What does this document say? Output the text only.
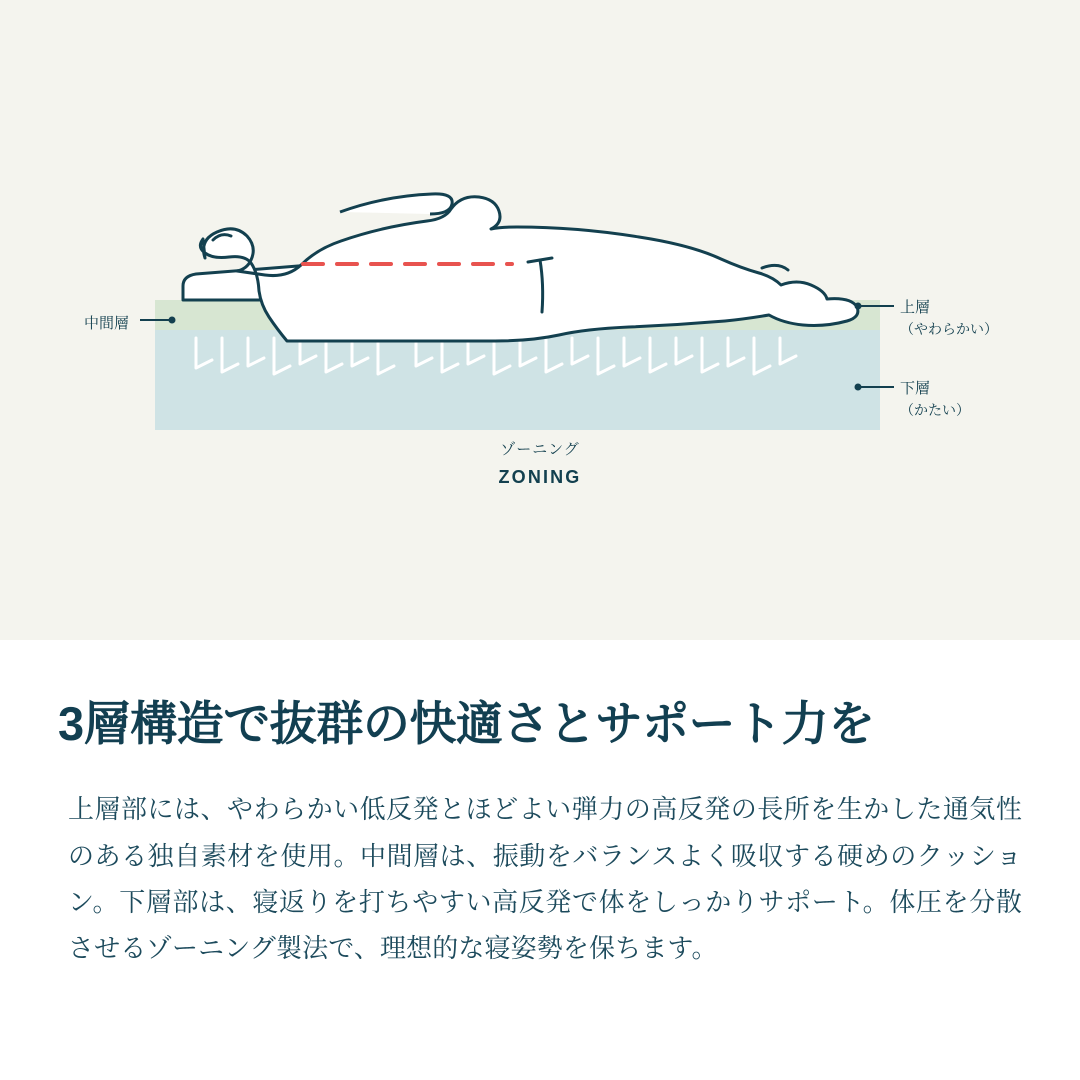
中間層
上層
（やわらかい）
下層
（かたい）
ゾーニング
ZONING
3層構造で抜群の快適さとサポート力を

上層部には、やわらかい低反発とほどよい弾力の高反発の長所を生かした通気性のある独自素材を使用。中間層は、振動をバランスよく吸収する硬めのクッション。下層部は、寝返りを打ちやすい高反発で体をしっかりサポート。体圧を分散させるゾーニング製法で、理想的な寝姿勢を保ちます。
